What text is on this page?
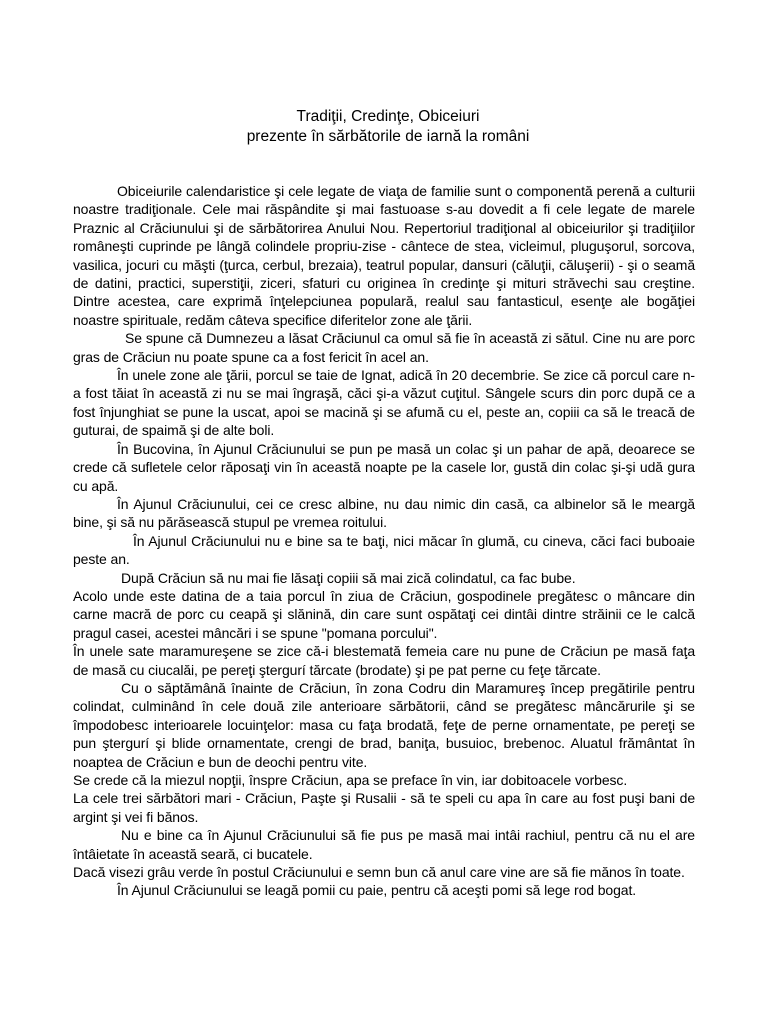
Tradiţii, Credinţe, Obiceiuri
prezente în sărbătorile de iarnă la români

Obiceiurile calendaristice şi cele legate de viaţa de familie sunt o componentă perenă a culturii noastre tradiţionale. Cele mai răspândite şi mai fastuoase s-au dovedit a fi cele legate de marele Praznic al Crăciunului şi de sărbătorirea Anului Nou. Repertoriul tradiţional al obiceiurilor şi tradiţiilor româneşti cuprinde pe lângă colindele propriu-zise - cântece de stea, vicleimul, pluguşorul, sorcova, vasilica, jocuri cu măşti (ţurca, cerbul, brezaia), teatrul popular, dansuri (căluţii, căluşerii) - şi o seamă de datini, practici, superstiţii, ziceri, sfaturi cu originea în credinţe şi mituri străvechi sau creştine. Dintre acestea, care exprimă înţelepciunea populară, realul sau fantasticul, esenţe ale bogăţiei noastre spirituale, redăm câteva specifice diferitelor zone ale ţării.

Se spune că Dumnezeu a lăsat Crăciunul ca omul să fie în această zi sătul. Cine nu are porc gras de Crăciun nu poate spune ca a fost fericit în acel an.

În unele zone ale ţării, porcul se taie de Ignat, adică în 20 decembrie. Se zice că porcul care n-a fost tăiat în această zi nu se mai îngraşă, căci şi-a văzut cuţitul. Sângele scurs din porc după ce a fost înjunghiat se pune la uscat, apoi se macină şi se afumă cu el, peste an, copiii ca să le treacă de guturai, de spaimă şi de alte boli.

În Bucovina, în Ajunul Crăciunului se pun pe masă un colac şi un pahar de apă, deoarece se crede că sufletele celor răposaţi vin în această noapte pe la casele lor, gustă din colac şi-şi udă gura cu apă.

În Ajunul Crăciunului, cei ce cresc albine, nu dau nimic din casă, ca albinelor să le meargă bine, şi să nu părăsească stupul pe vremea roitului.

În Ajunul Crăciunului nu e bine sa te baţi, nici măcar în glumă, cu cineva, căci faci buboaie peste an.

După Crăciun să nu mai fie lăsaţi copiii să mai zică colindatul, ca fac bube.

Acolo unde este datina de a taia porcul în ziua de Crăciun, gospodinele pregătesc o mâncare din carne macră de porc cu ceapă şi slănină, din care sunt ospătaţi cei dintâi dintre străinii ce le calcă pragul casei, acestei mâncări i se spune "pomana porcului".

În unele sate maramureşene se zice că-i blestemată femeia care nu pune de Crăciun pe masă faţa de masă cu ciucalăi, pe pereţi ştergurí tărcate (brodate) şi pe pat perne cu feţe tărcate.

Cu o săptămână înainte de Crăciun, în zona Codru din Maramureş încep pregătirile pentru colindat, culminând în cele două zile anterioare sărbătorii, când se pregătesc mâncărurile şi se împodobesc interioarele locuinţelor: masa cu faţa brodată, feţe de perne ornamentate, pe pereţi se pun ştergurí şi blide ornamentate, crengi de brad, baniţa, busuioc, brebenoc. Aluatul frământat în noaptea de Crăciun e bun de deochi pentru vite.

Se crede că la miezul nopţii, înspre Crăciun, apa se preface în vin, iar dobitoacele vorbesc.

La cele trei sărbători mari - Crăciun, Paşte şi Rusalii - să te speli cu apa în care au fost puşi bani de argint şi vei fi bănos.

Nu e bine ca în Ajunul Crăciunului să fie pus pe masă mai intâi rachiul, pentru că nu el are întâietate în această seară, ci bucatele.

Dacă visezi grâu verde în postul Crăciunului e semn bun că anul care vine are să fie mănos în toate.

În Ajunul Crăciunului se leagă pomii cu paie, pentru că aceşti pomi să lege rod bogat.
